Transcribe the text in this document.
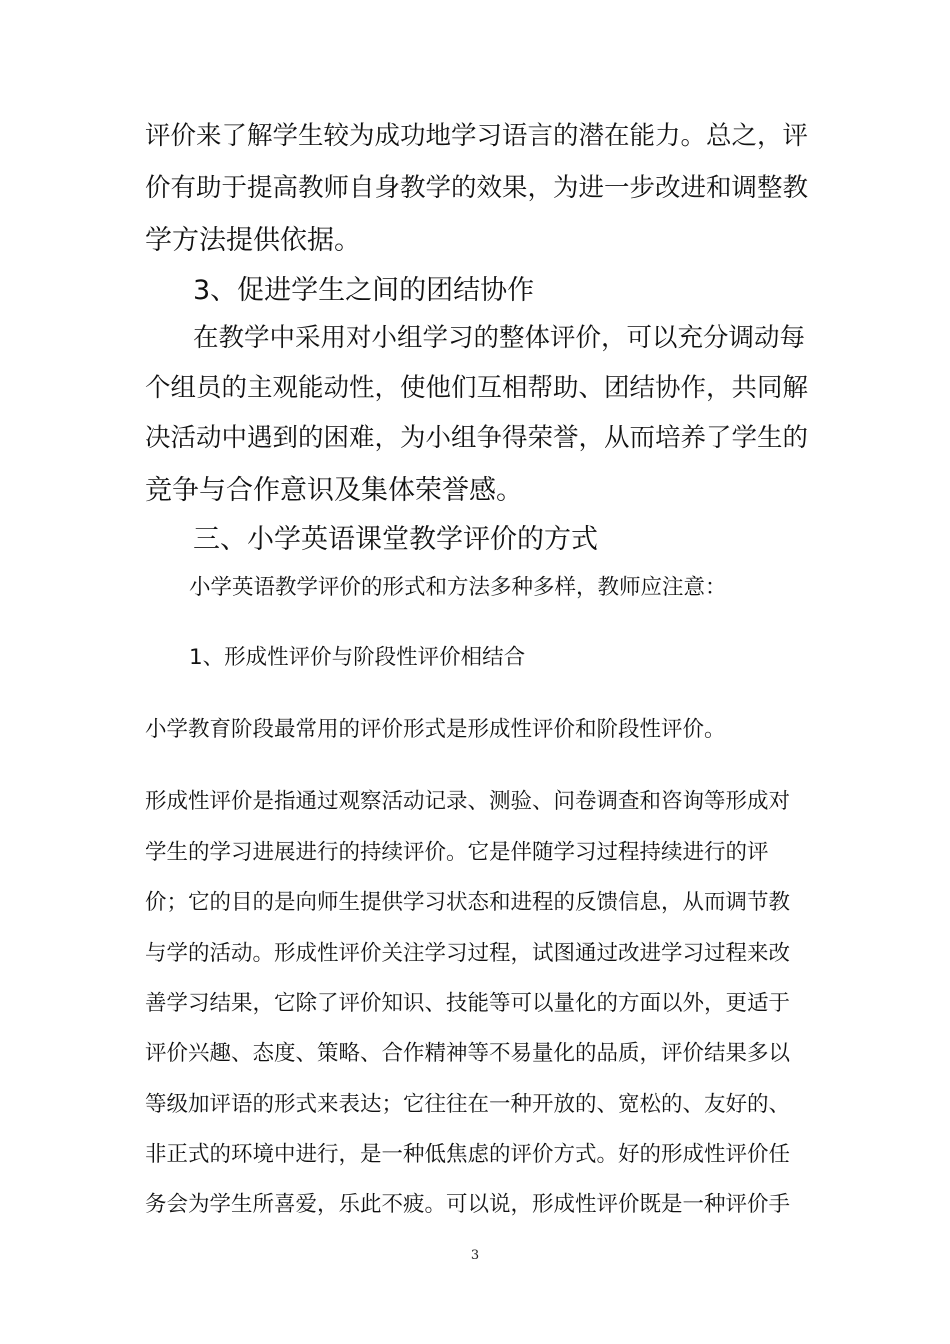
评价来了解学生较为成功地学习语言的潜在能力。总之，评
价有助于提高教师自身教学的效果，为进一步改进和调整教
学方法提供依据。
3、促进学生之间的团结协作
在教学中采用对小组学习的整体评价，可以充分调动每
个组员的主观能动性，使他们互相帮助、团结协作，共同解
决活动中遇到的困难，为小组争得荣誉，从而培养了学生的
竞争与合作意识及集体荣誉感。
三、小学英语课堂教学评价的方式
小学英语教学评价的形式和方法多种多样，教师应注意：
1、形成性评价与阶段性评价相结合
小学教育阶段最常用的评价形式是形成性评价和阶段性评价。
形成性评价是指通过观察活动记录、测验、问卷调查和咨询等形成对
学生的学习进展进行的持续评价。它是伴随学习过程持续进行的评
价；它的目的是向师生提供学习状态和进程的反馈信息，从而调节教
与学的活动。形成性评价关注学习过程，试图通过改进学习过程来改
善学习结果，它除了评价知识、技能等可以量化的方面以外，更适于
评价兴趣、态度、策略、合作精神等不易量化的品质，评价结果多以
等级加评语的形式来表达；它往往在一种开放的、宽松的、友好的、
非正式的环境中进行，是一种低焦虑的评价方式。好的形成性评价任
务会为学生所喜爱，乐此不疲。可以说，形成性评价既是一种评价手
3
